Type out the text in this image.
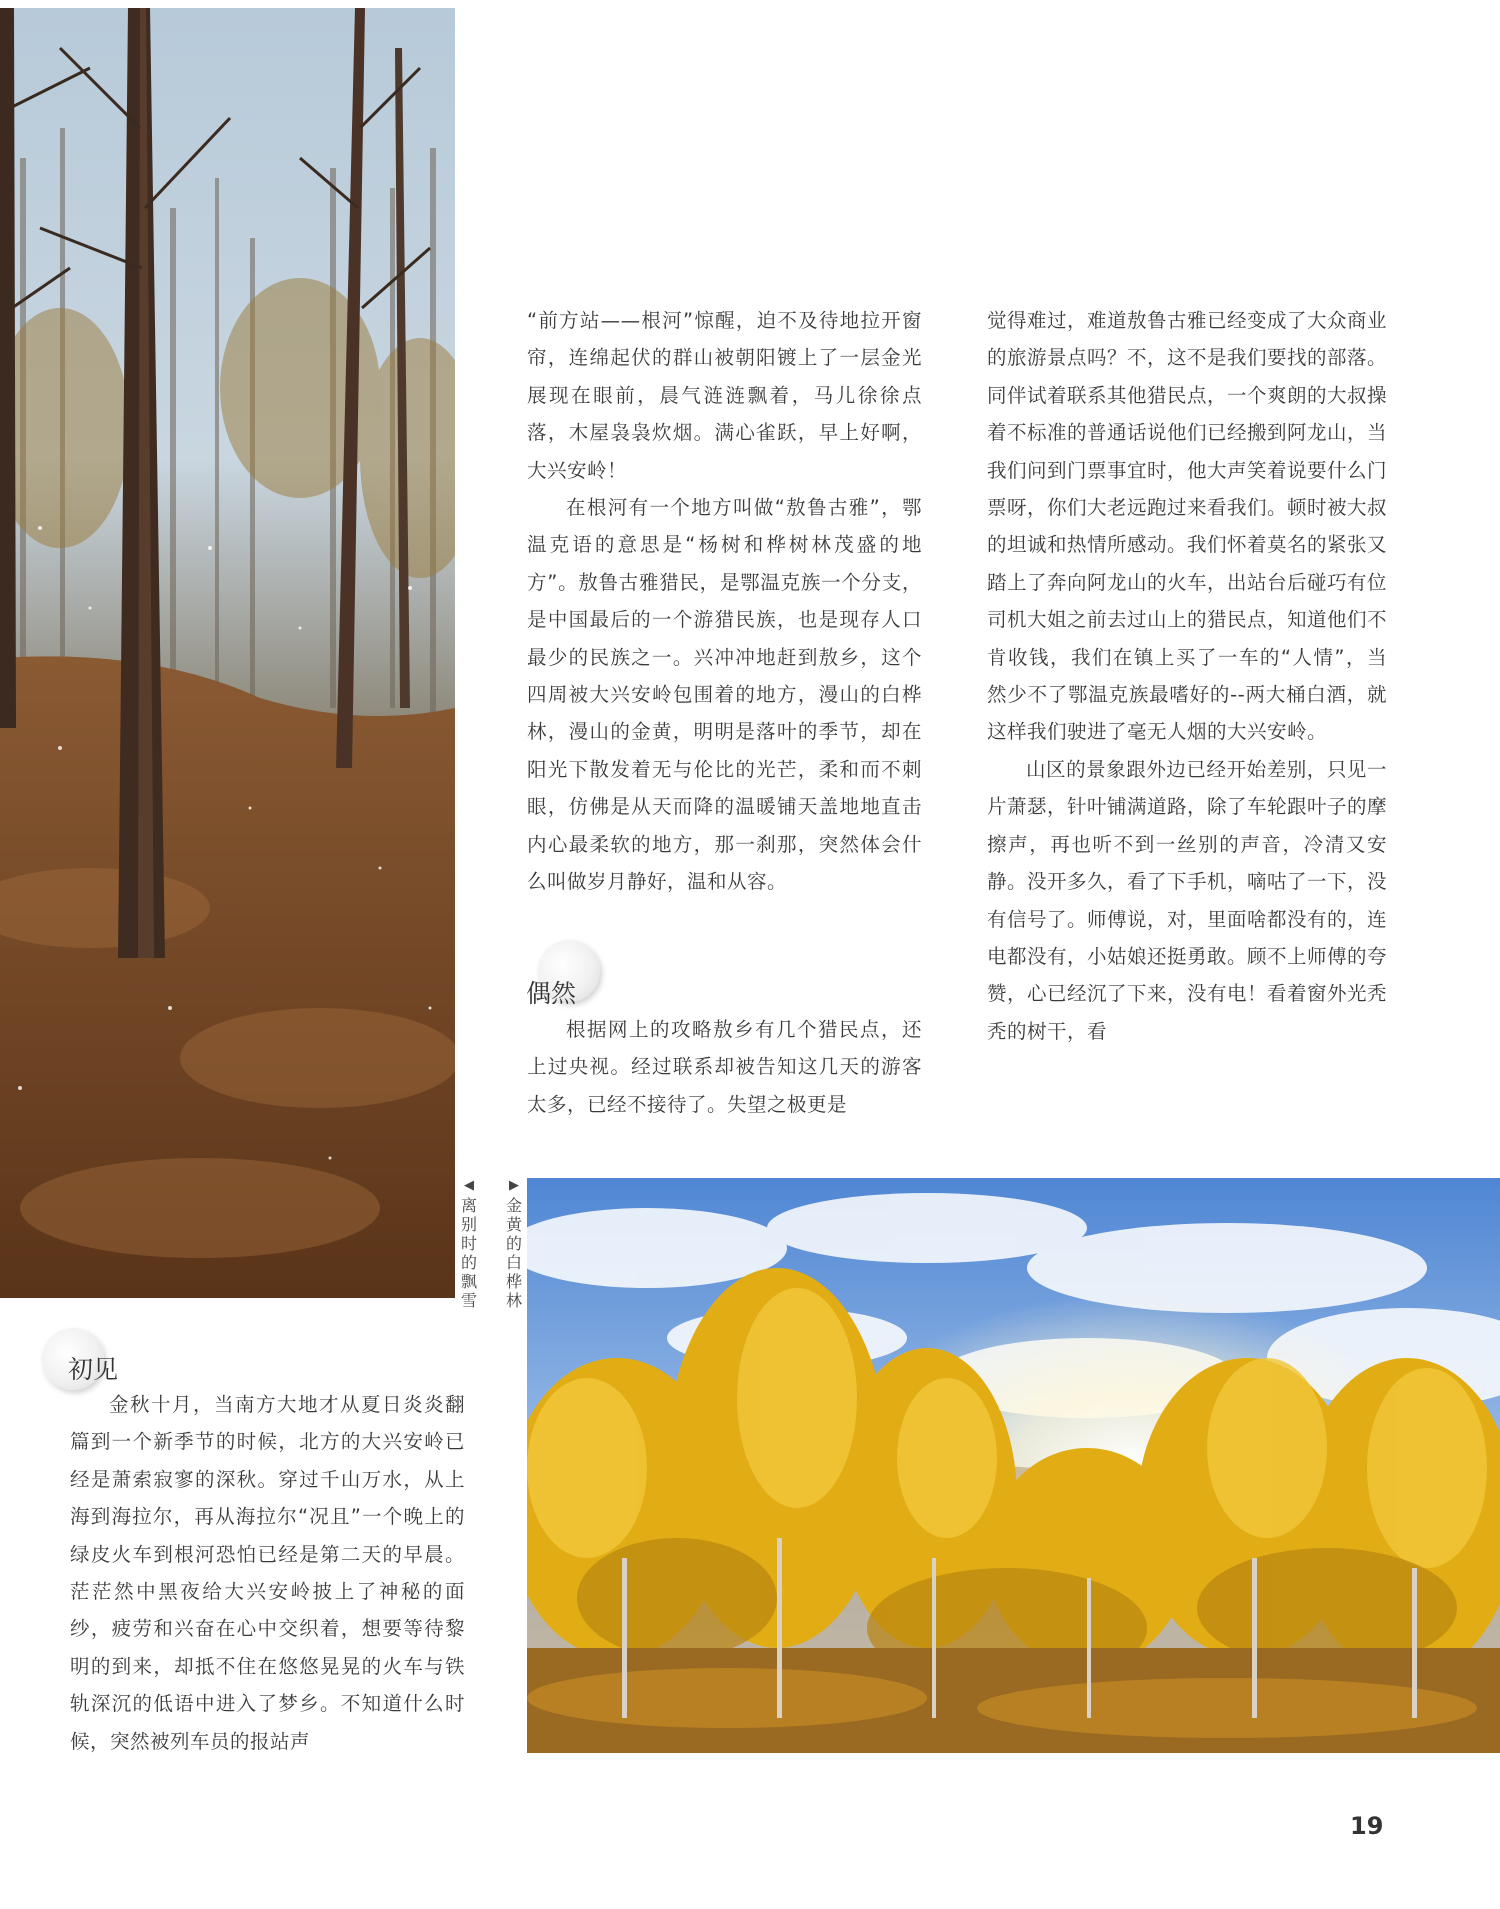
◀
离别时的飘雪
▶
金黄的白桦林
初见

金秋十月，当南方大地才从夏日炎炎翻篇到一个新季节的时候，北方的大兴安岭已经是萧索寂寥的深秋。穿过千山万水，从上海到海拉尔，再从海拉尔“况且”一个晚上的绿皮火车到根河恐怕已经是第二天的早晨。茫茫然中黑夜给大兴安岭披上了神秘的面纱，疲劳和兴奋在心中交织着，想要等待黎明的到来，却抵不住在悠悠晃晃的火车与铁轨深沉的低语中进入了梦乡。不知道什么时候，突然被列车员的报站声

“前方站——根河”惊醒，迫不及待地拉开窗帘，连绵起伏的群山被朝阳镀上了一层金光展现在眼前，晨气涟涟飘着，马儿徐徐点落，木屋袅袅炊烟。满心雀跃，早上好啊，大兴安岭！

在根河有一个地方叫做“敖鲁古雅”，鄂温克语的意思是“杨树和桦树林茂盛的地方”。敖鲁古雅猎民，是鄂温克族一个分支，是中国最后的一个游猎民族，也是现存人口最少的民族之一。兴冲冲地赶到敖乡，这个四周被大兴安岭包围着的地方，漫山的白桦林，漫山的金黄，明明是落叶的季节，却在阳光下散发着无与伦比的光芒，柔和而不刺眼，仿佛是从天而降的温暖铺天盖地地直击内心最柔软的地方，那一刹那，突然体会什么叫做岁月静好，温和从容。

偶然

根据网上的攻略敖乡有几个猎民点，还上过央视。经过联系却被告知这几天的游客太多，已经不接待了。失望之极更是

觉得难过，难道敖鲁古雅已经变成了大众商业的旅游景点吗？不，这不是我们要找的部落。同伴试着联系其他猎民点，一个爽朗的大叔操着不标准的普通话说他们已经搬到阿龙山，当我们问到门票事宜时，他大声笑着说要什么门票呀，你们大老远跑过来看我们。顿时被大叔的坦诚和热情所感动。我们怀着莫名的紧张又踏上了奔向阿龙山的火车，出站台后碰巧有位司机大姐之前去过山上的猎民点，知道他们不肯收钱，我们在镇上买了一车的“人情”，当然少不了鄂温克族最嗜好的--两大桶白酒，就这样我们驶进了毫无人烟的大兴安岭。

山区的景象跟外边已经开始差别，只见一片萧瑟，针叶铺满道路，除了车轮跟叶子的摩擦声，再也听不到一丝别的声音，冷清又安静。没开多久，看了下手机，嘀咕了一下，没有信号了。师傅说，对，里面啥都没有的，连电都没有，小姑娘还挺勇敢。顾不上师傅的夸赞，心已经沉了下来，没有电！看着窗外光秃秃的树干，看

19
